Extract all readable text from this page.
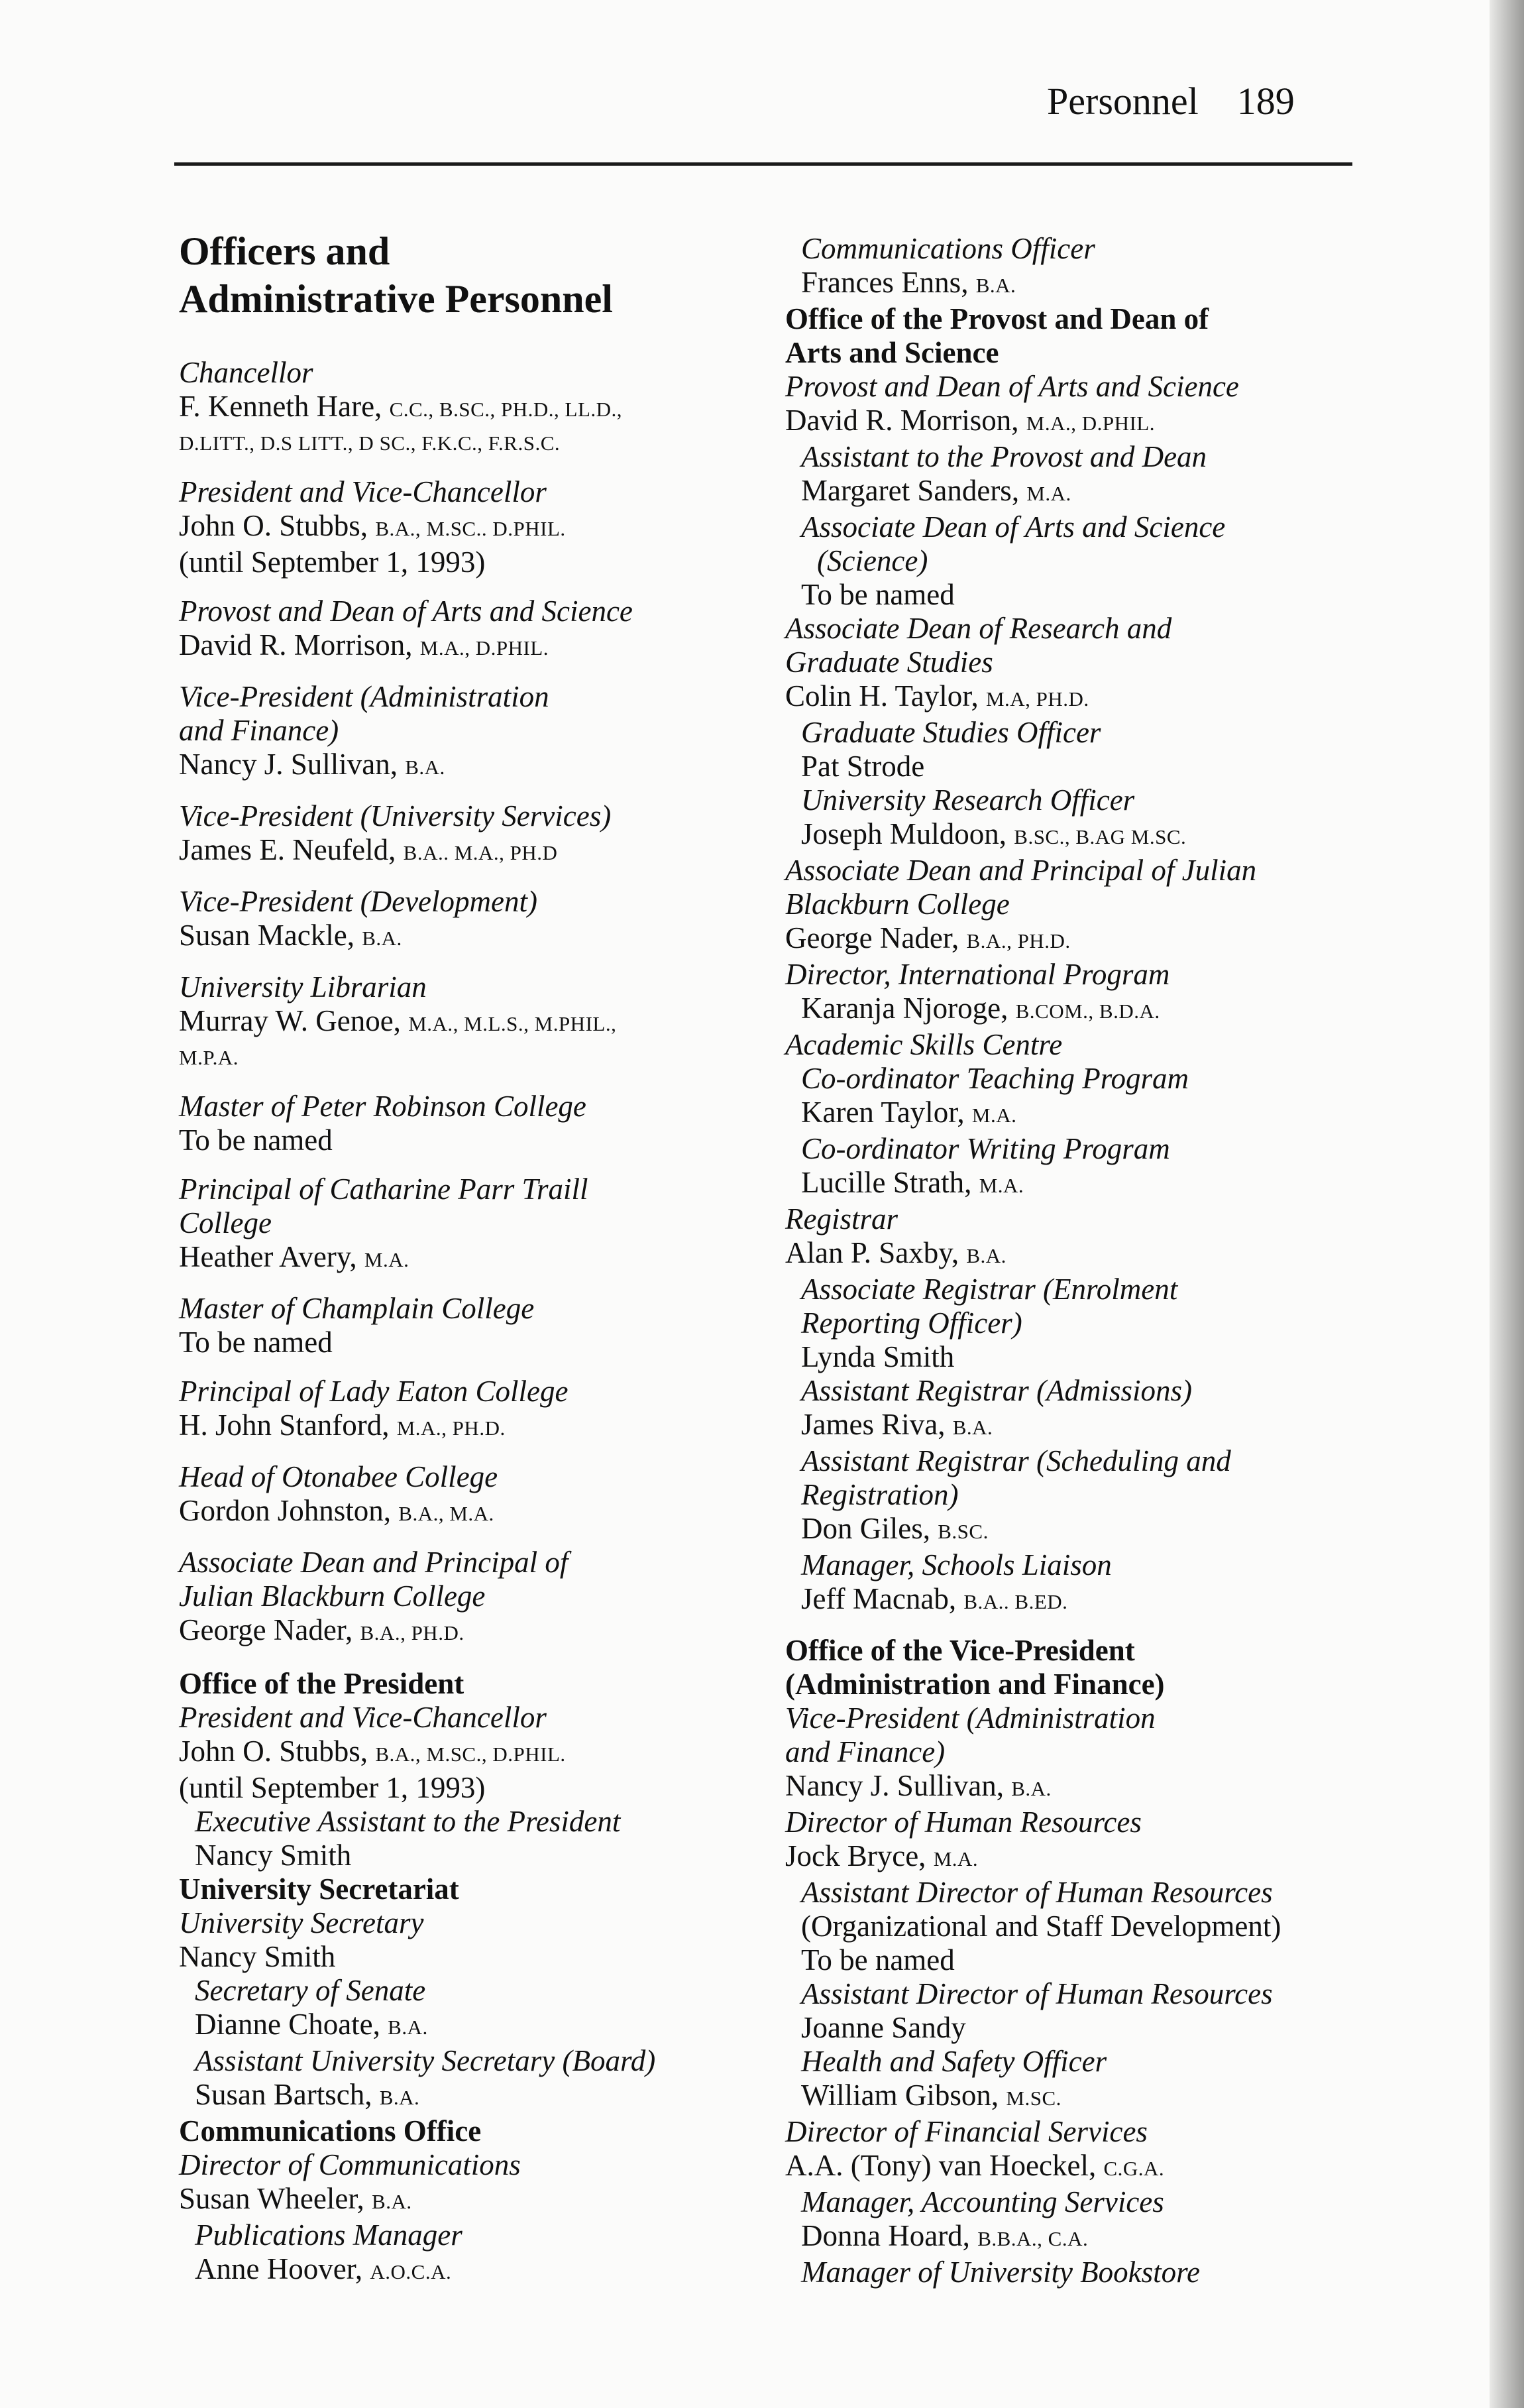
Personnel 189
Officers and
Administrative Personnel
Chancellor
F. Kenneth Hare, C.C., B.SC., PH.D., LL.D.,
D.LITT., D.S LITT., D SC., F.K.C., F.R.S.C.
President and Vice-Chancellor
John O. Stubbs, B.A., M.SC.. D.PHIL.
(until September 1, 1993)
Provost and Dean of Arts and Science
David R. Morrison, M.A., D.PHIL.
Vice-President (Administration
and Finance)
Nancy J. Sullivan, B.A.
Vice-President (University Services)
James E. Neufeld, B.A.. M.A., PH.D
Vice-President (Development)
Susan Mackle, B.A.
University Librarian
Murray W. Genoe, M.A., M.L.S., M.PHIL.,
M.P.A.
Master of Peter Robinson College
To be named
Principal of Catharine Parr Traill
College
Heather Avery, M.A.
Master of Champlain College
To be named
Principal of Lady Eaton College
H. John Stanford, M.A., PH.D.
Head of Otonabee College
Gordon Johnston, B.A., M.A.
Associate Dean and Principal of
Julian Blackburn College
George Nader, B.A., PH.D.
Office of the President
President and Vice-Chancellor
John O. Stubbs, B.A., M.SC., D.PHIL.
(until September 1, 1993)
Executive Assistant to the President
Nancy Smith
University Secretariat
University Secretary
Nancy Smith
Secretary of Senate
Dianne Choate, B.A.
Assistant University Secretary (Board)
Susan Bartsch, B.A.
Communications Office
Director of Communications
Susan Wheeler, B.A.
Publications Manager
Anne Hoover, A.O.C.A.
Communications Officer
Frances Enns, B.A.
Office of the Provost and Dean of
Arts and Science
Provost and Dean of Arts and Science
David R. Morrison, M.A., D.PHIL.
Assistant to the Provost and Dean
Margaret Sanders, M.A.
Associate Dean of Arts and Science
(Science)
To be named
Associate Dean of Research and
Graduate Studies
Colin H. Taylor, M.A, PH.D.
Graduate Studies Officer
Pat Strode
University Research Officer
Joseph Muldoon, B.SC., B.AG M.SC.
Associate Dean and Principal of Julian
Blackburn College
George Nader, B.A., PH.D.
Director, International Program
Karanja Njoroge, B.COM., B.D.A.
Academic Skills Centre
Co-ordinator Teaching Program
Karen Taylor, M.A.
Co-ordinator Writing Program
Lucille Strath, M.A.
Registrar
Alan P. Saxby, B.A.
Associate Registrar (Enrolment
Reporting Officer)
Lynda Smith
Assistant Registrar (Admissions)
James Riva, B.A.
Assistant Registrar (Scheduling and
Registration)
Don Giles, B.SC.
Manager, Schools Liaison
Jeff Macnab, B.A.. B.ED.
Office of the Vice-President
(Administration and Finance)
Vice-President (Administration
and Finance)
Nancy J. Sullivan, B.A.
Director of Human Resources
Jock Bryce, M.A.
Assistant Director of Human Resources
(Organizational and Staff Development)
To be named
Assistant Director of Human Resources
Joanne Sandy
Health and Safety Officer
William Gibson, M.SC.
Director of Financial Services
A.A. (Tony) van Hoeckel, C.G.A.
Manager, Accounting Services
Donna Hoard, B.B.A., C.A.
Manager of University Bookstore
